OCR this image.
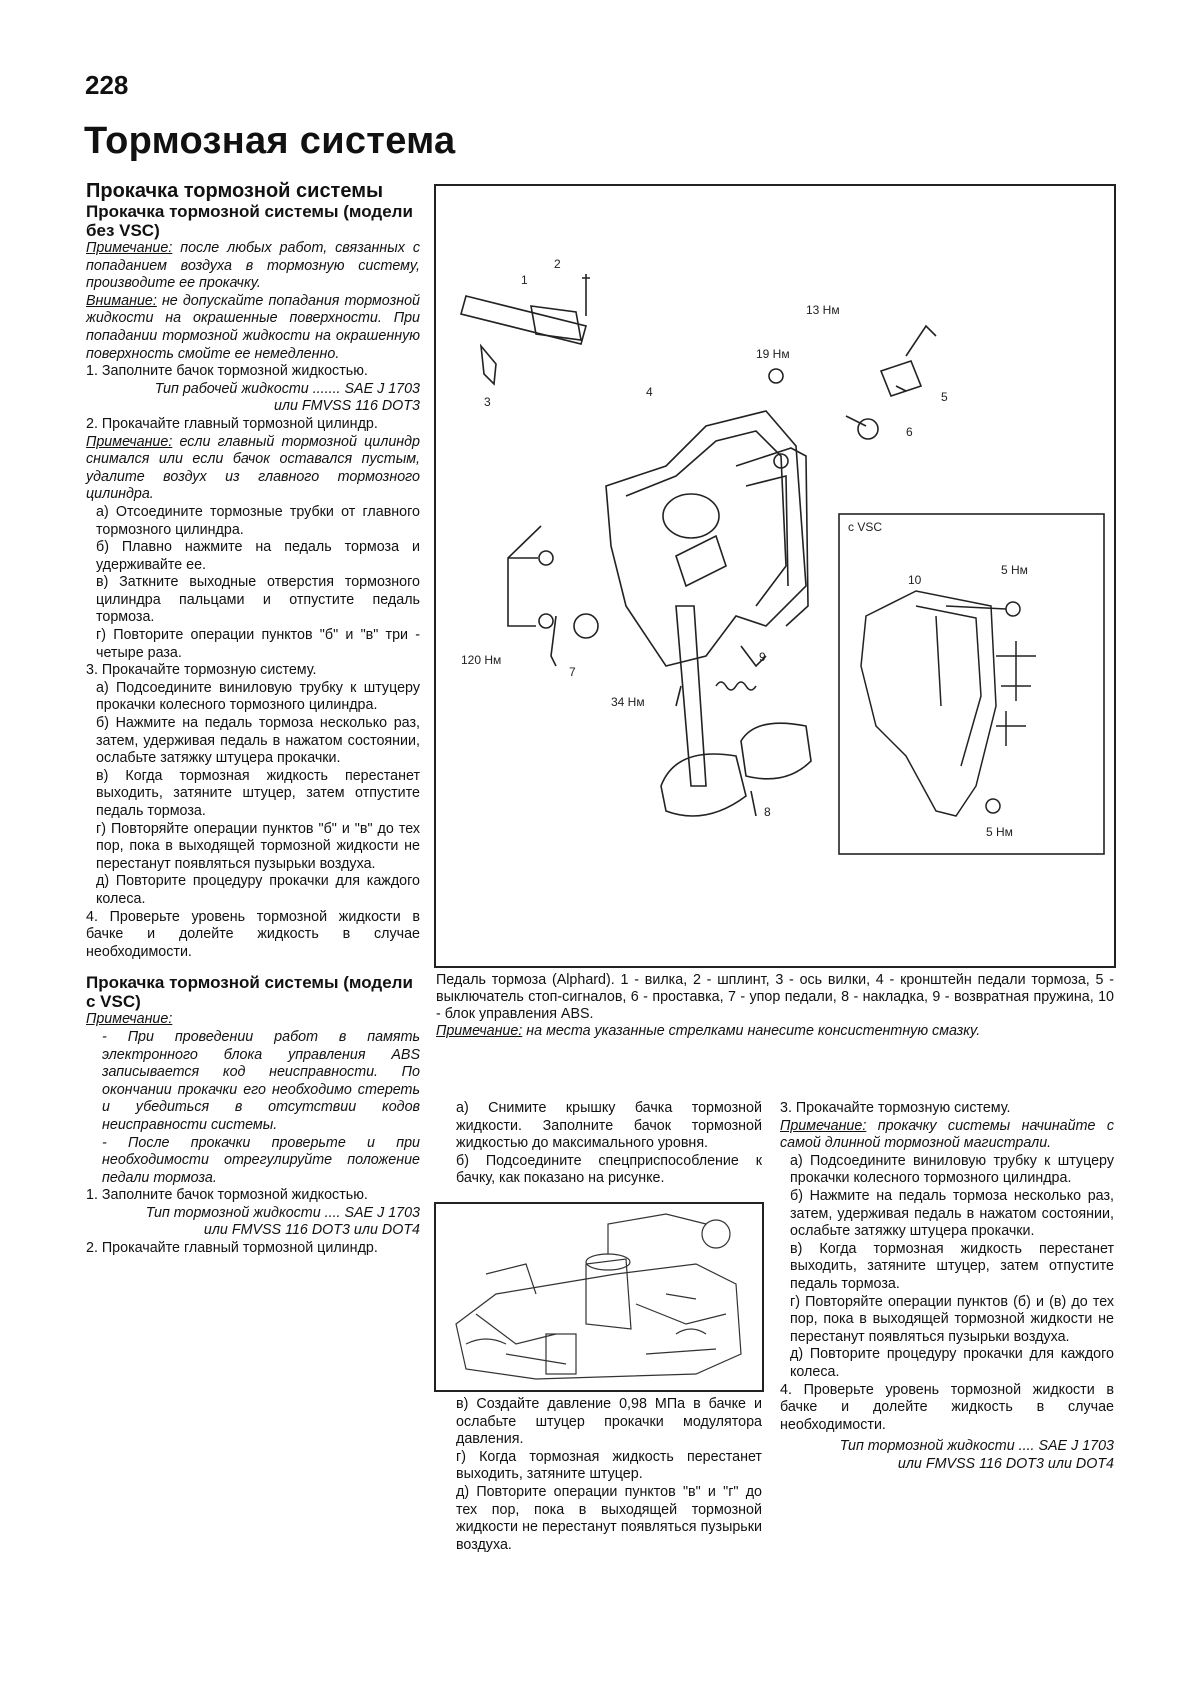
228
Тормозная система

Прокачка тормозной системы

Прокачка тормозной системы (модели без VSC)

Примечание: после любых работ, связанных с попаданием воздуха в тормозную систему, производите ее прокачку.

Внимание: не допускайте попадания тормозной жидкости на окрашенные поверхности. При попадании тормозной жидкости на окрашенную поверхность смойте ее немедленно.

1. Заполните бачок тормозной жидкостью.

Тип рабочей жидкости ....... SAE J 1703

или FMVSS 116 DOT3

2. Прокачайте главный тормозной цилиндр.

Примечание: если главный тормозной цилиндр снимался или если бачок оставался пустым, удалите воздух из главного тормозного цилиндра.

а) Отсоедините тормозные трубки от главного тормозного цилиндра.

б) Плавно нажмите на педаль тормоза и удерживайте ее.

в) Заткните выходные отверстия тормозного цилиндра пальцами и отпустите педаль тормоза.

г) Повторите операции пунктов "б" и "в" три - четыре раза.

3. Прокачайте тормозную систему.

а) Подсоедините виниловую трубку к штуцеру прокачки колесного тормозного цилиндра.

б) Нажмите на педаль тормоза несколько раз, затем, удерживая педаль в нажатом состоянии, ослабьте затяжку штуцера прокачки.

в) Когда тормозная жидкость перестанет выходить, затяните штуцер, затем отпустите педаль тормоза.

г) Повторяйте операции пунктов "б" и "в" до тех пор, пока в выходящей тормозной жидкости не перестанут появляться пузырьки воздуха.

д) Повторите процедуру прокачки для каждого колеса.

4. Проверьте уровень тормозной жидкости в бачке и долейте жидкость в случае необходимости.

Прокачка тормозной системы (модели с VSC)

Примечание:

- При проведении работ в память электронного блока управления ABS записывается код неисправности. По окончании прокачки его необходимо стереть и убедиться в отсутствии кодов неисправности системы.

- После прокачки проверьте и при необходимости отрегулируйте положение педали тормоза.

1. Заполните бачок тормозной жидкостью.

Тип тормозной жидкости .... SAE J 1703

или FMVSS 116 DOT3 или DOT4

2. Прокачайте главный тормозной цилиндр.

1
2
3
4	5
6
7
8
9
13 Нм
19 Нм
120 Нм
34 Нм
с VSC
10
5 Нм
5 Нм

Педаль тормоза (Alphard). 1 - вилка, 2 - шплинт, 3 - ось вилки, 4 - кронштейн педали тормоза, 5 - выключатель стоп-сигналов, 6 - проставка, 7 - упор педали, 8 - накладка, 9 - возвратная пружина, 10 - блок управления ABS.

Примечание: на места указанные стрелками нанесите консистентную смазку.

а) Снимите крышку бачка тормозной жидкости. Заполните бачок тормозной жидкостью до максимального уровня.

б) Подсоедините спецприспособление к бачку, как показано на рисунке.

в) Создайте давление 0,98 МПа в бачке и ослабьте штуцер прокачки модулятора давления.

г) Когда тормозная жидкость перестанет выходить, затяните штуцер.

д) Повторите операции пунктов "в" и "г" до тех пор, пока в выходящей тормозной жидкости не перестанут появляться пузырьки воздуха.

3. Прокачайте тормозную систему.

Примечание: прокачку системы начинайте с самой длинной тормозной магистрали.

а) Подсоедините виниловую трубку к штуцеру прокачки колесного тормозного цилиндра.

б) Нажмите на педаль тормоза несколько раз, затем, удерживая педаль в нажатом состоянии, ослабьте затяжку штуцера прокачки.

в) Когда тормозная жидкость перестанет выходить, затяните штуцер, затем отпустите педаль тормоза.

г) Повторяйте операции пунктов (б) и (в) до тех пор, пока в выходящей тормозной жидкости не перестанут появляться пузырьки воздуха.

д) Повторите процедуру прокачки для каждого колеса.

4. Проверьте уровень тормозной жидкости в бачке и долейте жидкость в случае необходимости.

Тип тормозной жидкости .... SAE J 1703

или FMVSS 116 DOT3 или DOT4
